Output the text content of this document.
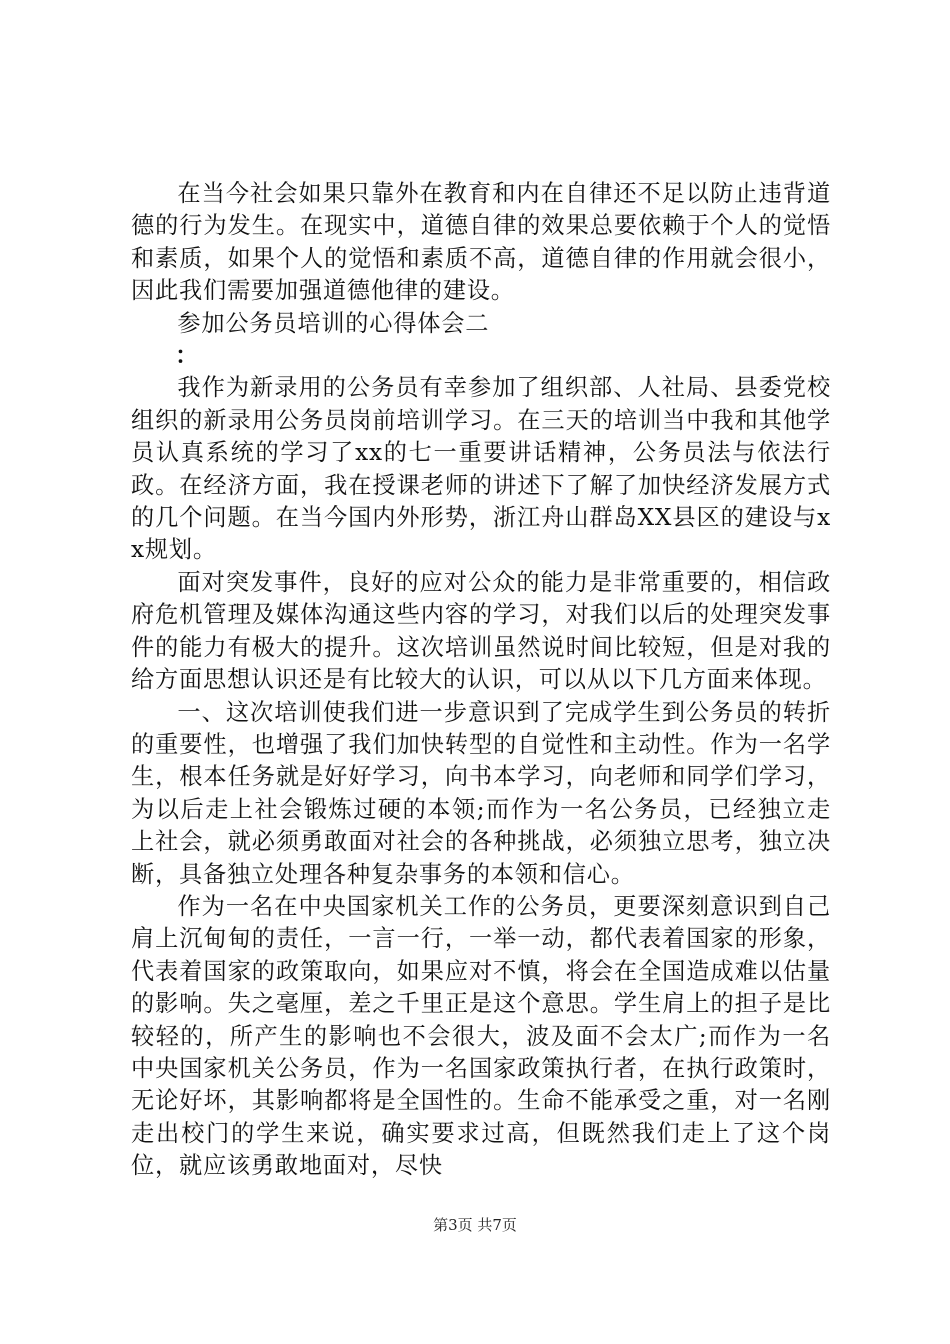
在当今社会如果只靠外在教育和内在自律还不足以防止违背道德的行为发生。在现实中，道德自律的效果总要依赖于个人的觉悟和素质，如果个人的觉悟和素质不高，道德自律的作用就会很小，因此我们需要加强道德他律的建设。

参加公务员培训的心得体会二

：

我作为新录用的公务员有幸参加了组织部、人社局、县委党校组织的新录用公务员岗前培训学习。在三天的培训当中我和其他学员认真系统的学习了xx的七一重要讲话精神，公务员法与依法行政。在经济方面，我在授课老师的讲述下了解了加快经济发展方式的几个问题。在当今国内外形势，浙江舟山群岛XX县区的建设与xx规划。

面对突发事件，良好的应对公众的能力是非常重要的，相信政府危机管理及媒体沟通这些内容的学习，对我们以后的处理突发事件的能力有极大的提升。这次培训虽然说时间比较短，但是对我的给方面思想认识还是有比较大的认识，可以从以下几方面来体现。

一、这次培训使我们进一步意识到了完成学生到公务员的转折的重要性，也增强了我们加快转型的自觉性和主动性。作为一名学生，根本任务就是好好学习，向书本学习，向老师和同学们学习，为以后走上社会锻炼过硬的本领;而作为一名公务员，已经独立走上社会，就必须勇敢面对社会的各种挑战，必须独立思考，独立决断，具备独立处理各种复杂事务的本领和信心。

作为一名在中央国家机关工作的公务员，更要深刻意识到自己肩上沉甸甸的责任，一言一行，一举一动，都代表着国家的形象，代表着国家的政策取向，如果应对不慎，将会在全国造成难以估量的影响。失之毫厘，差之千里正是这个意思。学生肩上的担子是比较轻的，所产生的影响也不会很大，波及面不会太广;而作为一名中央国家机关公务员，作为一名国家政策执行者，在执行政策时，无论好坏，其影响都将是全国性的。生命不能承受之重，对一名刚走出校门的学生来说，确实要求过高，但既然我们走上了这个岗位，就应该勇敢地面对，尽快

第3页 共7页
